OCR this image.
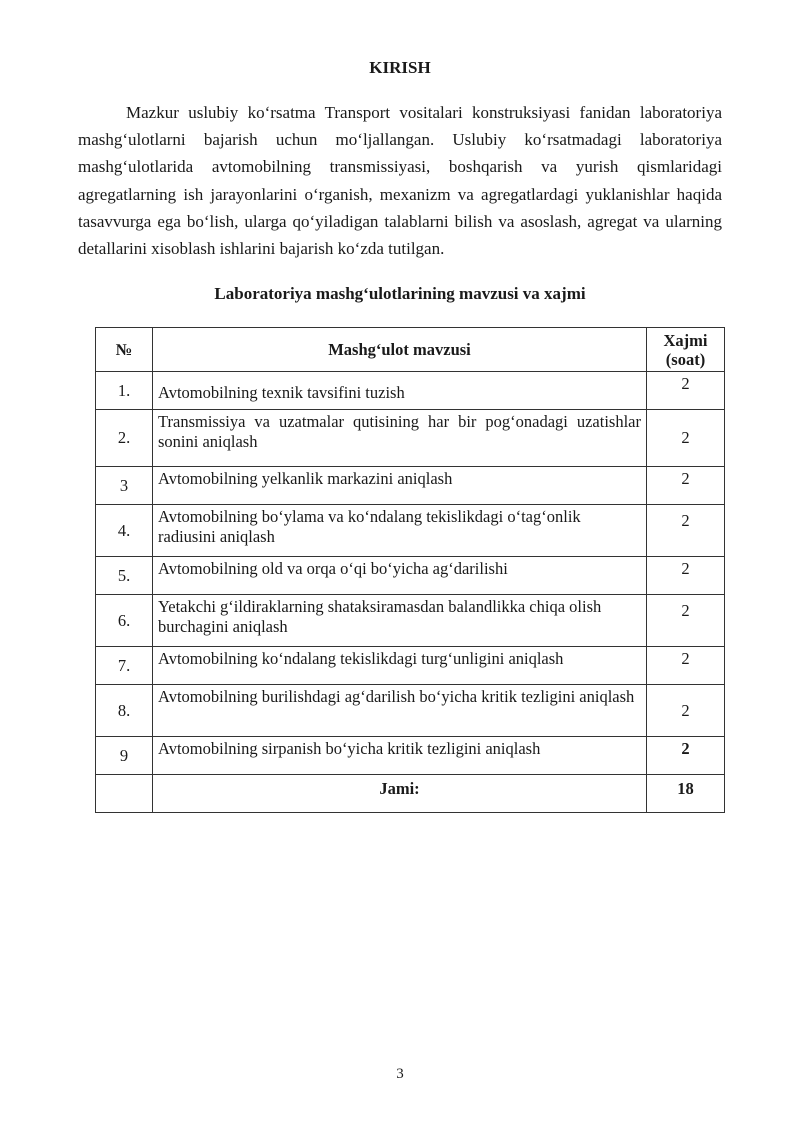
KIRISH

Mazkur uslubiy ko‘rsatma Transport vositalari konstruksiyasi fanidan laboratoriya mashg‘ulotlarni bajarish uchun mo‘ljallangan. Uslubiy ko‘rsatmadagi laboratoriya mashg‘ulotlarida avtomobilning transmissiyasi, boshqarish va yurish qismlaridagi agregatlarning ish jarayonlarini o‘rganish, mexanizm va agregatlardagi yuklanishlar haqida tasavvurga ega bo‘lish, ularga qo‘yiladigan talablarni bilish va asoslash, agregat va ularning detallarini xisoblash ishlarini bajarish ko‘zda tutilgan.

Laboratoriya mashg‘ulotlarining mavzusi va xajmi
№	Mashg‘ulot mavzusi	Xajmi (soat)
1.	Avtomobilning texnik tavsifini tuzish	2
2.	Transmissiya va uzatmalar qutisining har bir pog‘onadagi uzatishlar sonini aniqlash	2
3	Avtomobilning yelkanlik markazini aniqlash	2
4.	Avtomobilning bo‘ylama va ko‘ndalang tekislikdagi o‘tag‘onlik radiusini aniqlash	2
5.	Avtomobilning old va orqa o‘qi bo‘yicha ag‘darilishi	2
6.	Yetakchi g‘ildiraklarning shataksiramasdan balandlikka chiqa olish burchagini aniqlash	2
7.	Avtomobilning ko‘ndalang tekislikdagi turg‘unligini aniqlash	2
8.	Avtomobilning burilishdagi ag‘darilish bo‘yicha kritik tezligini aniqlash	2
9	Avtomobilning sirpanish bo‘yicha kritik tezligini aniqlash	2
	Jami:	18

3
